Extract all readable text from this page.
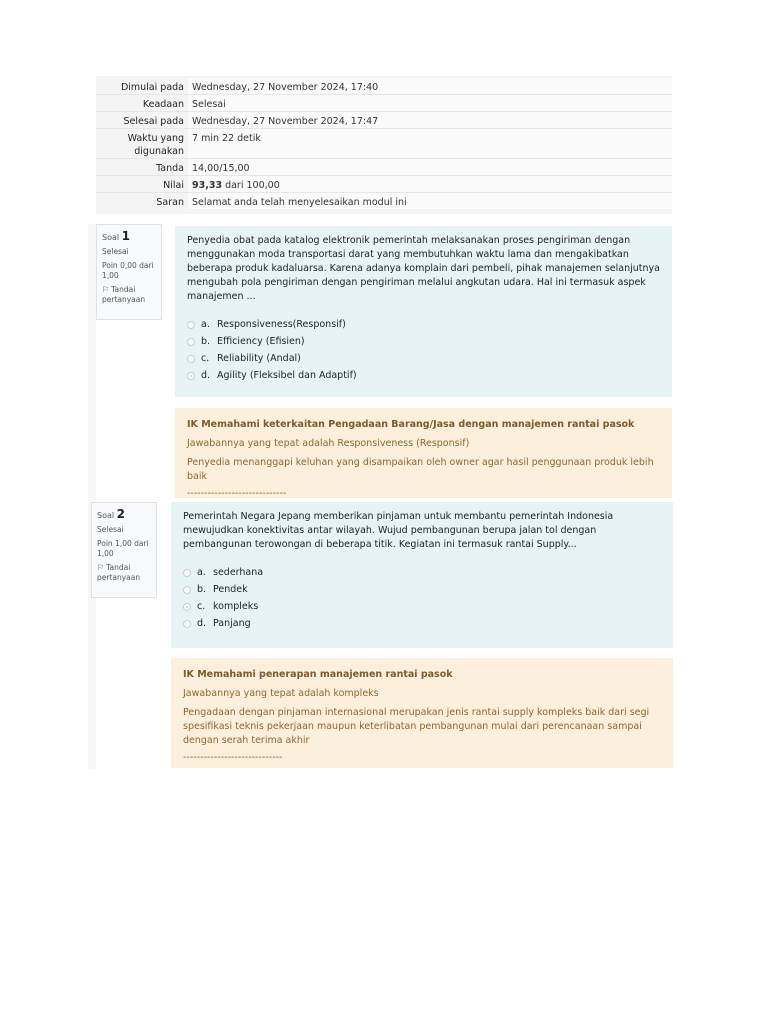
Dimulai pada Wednesday, 27 November 2024, 17:40
Keadaan Selesai
Selesai pada Wednesday, 27 November 2024, 17:47
Waktu yang digunakan
7 min 22 detik
Tanda 14,00/15,00
Nilai 93,33 dari 100,00
Saran Selamat anda telah menyelesaikan modul ini
Soal 1
Selesai
Poin 0,00 dari 1,00
⚐ Tandai pertanyaan
Penyedia obat pada katalog elektronik pemerintah melaksanakan proses pengiriman dengan menggunakan moda transportasi darat yang membutuhkan waktu lama dan mengakibatkan beberapa produk kadaluarsa. Karena adanya komplain dari pembeli, pihak manajemen selanjutnya mengubah pola pengiriman dengan pengiriman melalui angkutan udara. Hal ini termasuk aspek manajemen ...
a. Responsiveness(Responsif)
b. Efficiency (Efisien)
c. Reliability (Andal)
d. Agility (Fleksibel dan Adaptif)
IK Memahami keterkaitan Pengadaan Barang/Jasa dengan manajemen rantai pasok
Jawabannya yang tepat adalah Responsiveness (Responsif)
Penyedia menanggapi keluhan yang disampaikan oleh owner agar hasil penggunaan produk lebih baik
-----------------------------
Soal 2
Selesai
Poin 1,00 dari 1,00
⚐ Tandai pertanyaan
Pemerintah Negara Jepang memberikan pinjaman untuk membantu pemerintah Indonesia mewujudkan konektivitas antar wilayah. Wujud pembangunan berupa jalan tol dengan pembangunan terowongan di beberapa titik. Kegiatan ini termasuk rantai Supply...
a. sederhana
b. Pendek
c. kompleks
d. Panjang
IK Memahami penerapan manajemen rantai pasok
Jawabannya yang tepat adalah kompleks
Pengadaan dengan pinjaman internasional merupakan jenis rantai supply kompleks baik dari segi spesifikasi teknis pekerjaan maupun keterlibatan pembangunan mulai dari perencanaan sampai dengan serah terima akhir
-----------------------------
